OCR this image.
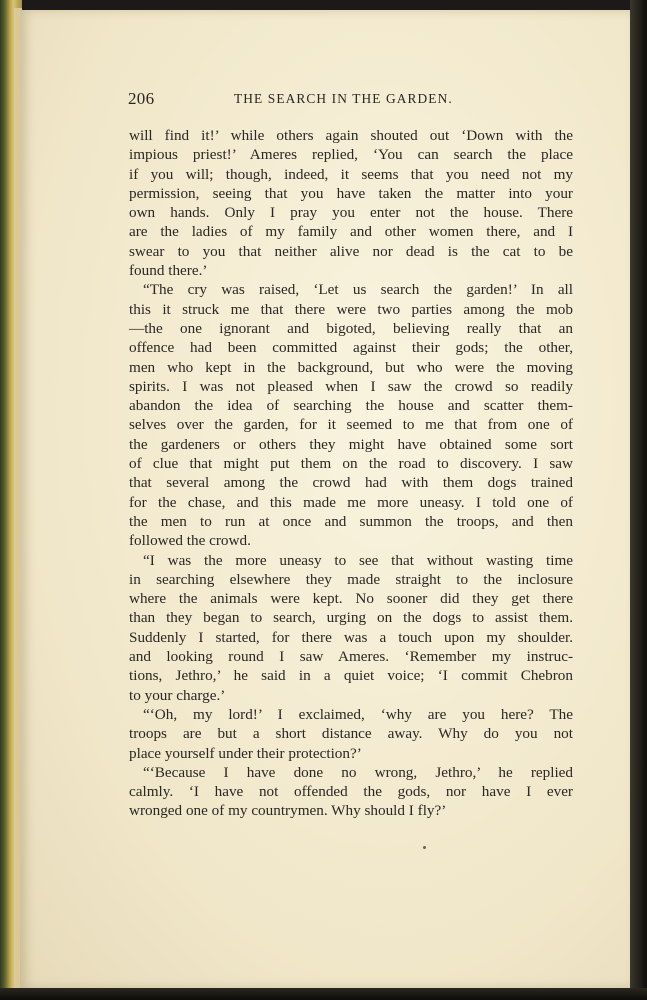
206	THE SEARCH IN THE GARDEN.
will find it!’ while others again shouted out ‘Down with the
impious priest!’ Ameres replied, ‘You can search the place
if you will; though, indeed, it seems that you need not my
permission, seeing that you have taken the matter into your
own hands. Only I pray you enter not the house. There
are the ladies of my family and other women there, and I
swear to you that neither alive nor dead is the cat to be
found there.’
“The cry was raised, ‘Let us search the garden!’ In all
this it struck me that there were two parties among the mob
—the one ignorant and bigoted, believing really that an
offence had been committed against their gods; the other,
men who kept in the background, but who were the moving
spirits. I was not pleased when I saw the crowd so readily
abandon the idea of searching the house and scatter them-
selves over the garden, for it seemed to me that from one of
the gardeners or others they might have obtained some sort
of clue that might put them on the road to discovery. I saw
that several among the crowd had with them dogs trained
for the chase, and this made me more uneasy. I told one of
the men to run at once and summon the troops, and then
followed the crowd.
“I was the more uneasy to see that without wasting time
in searching elsewhere they made straight to the inclosure
where the animals were kept. No sooner did they get there
than they began to search, urging on the dogs to assist them.
Suddenly I started, for there was a touch upon my shoulder.
and looking round I saw Ameres. ‘Remember my instruc-
tions, Jethro,’ he said in a quiet voice; ‘I commit Chebron
to your charge.’
“‘Oh, my lord!’ I exclaimed, ‘why are you here? The
troops are but a short distance away. Why do you not
place yourself under their protection?’
“‘Because I have done no wrong, Jethro,’ he replied
calmly. ‘I have not offended the gods, nor have I ever
wronged one of my countrymen. Why should I fly?’
